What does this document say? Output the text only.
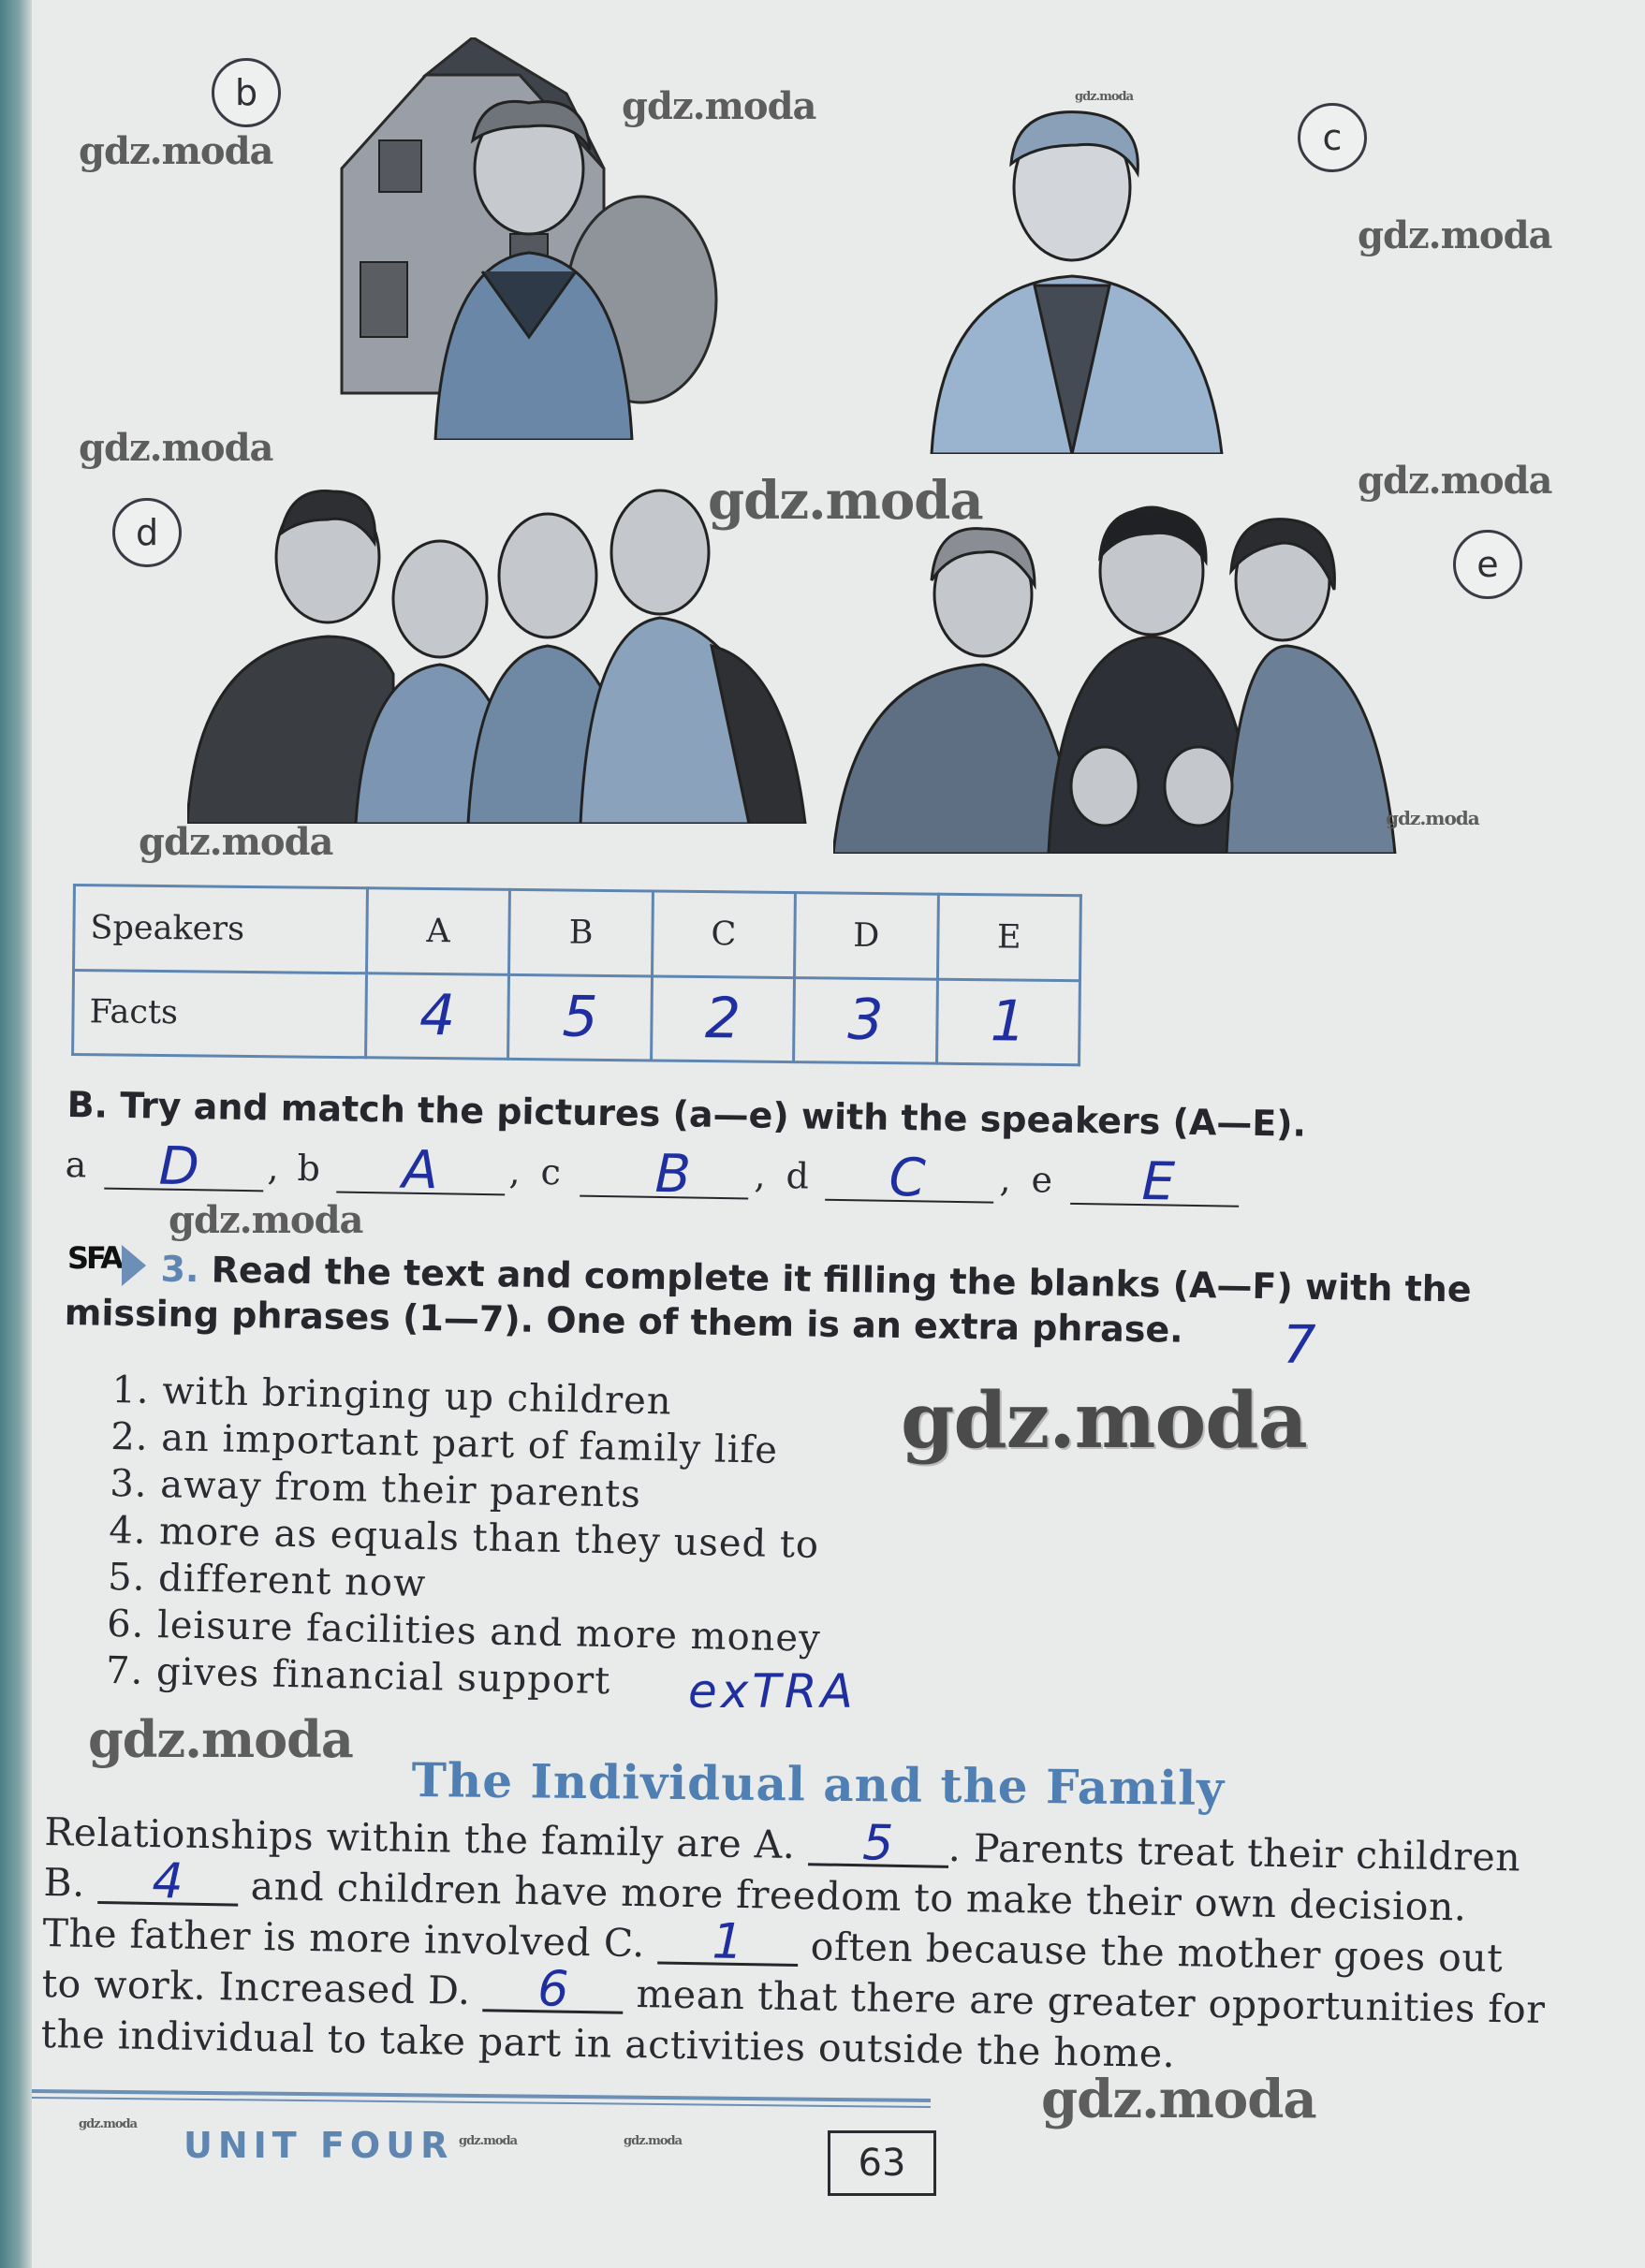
b
c
d
e
gdz.moda
gdz.moda	gdz.moda
gdz.moda
gdz.moda
gdz.moda	gdz.moda
gdz.moda
gdz.moda
gdz.moda
gdz.moda
gdz.moda
gdz.moda
gdz.moda
gdz.moda	gdz.moda
Speakers	A	B	C	D	E
Facts	4	5	2	3	1
B. Try and match the pictures (a—e) with the speakers (A—E).
a D , b A , c B , d C , e E
SFA	3. Read the text and complete it filling the blanks (A—F) with the
missing phrases (1—7). One of them is an extra phrase.	7
1. with bringing up children
2. an important part of family life
3. away from their parents
4. more as equals than they used to
5. different now
6. leisure facilities and more money
7. gives financial support	exTRA
The Individual and the Family
Relationships within the family are A. 5 . Parents treat their children B. 4 and children have more freedom to make their own decision. The father is more involved C. 1 often because the mother goes out to work. Increased D. 6 mean that there are greater opportunities for the individual to take part in activities outside the home.
UNIT FOUR	63
